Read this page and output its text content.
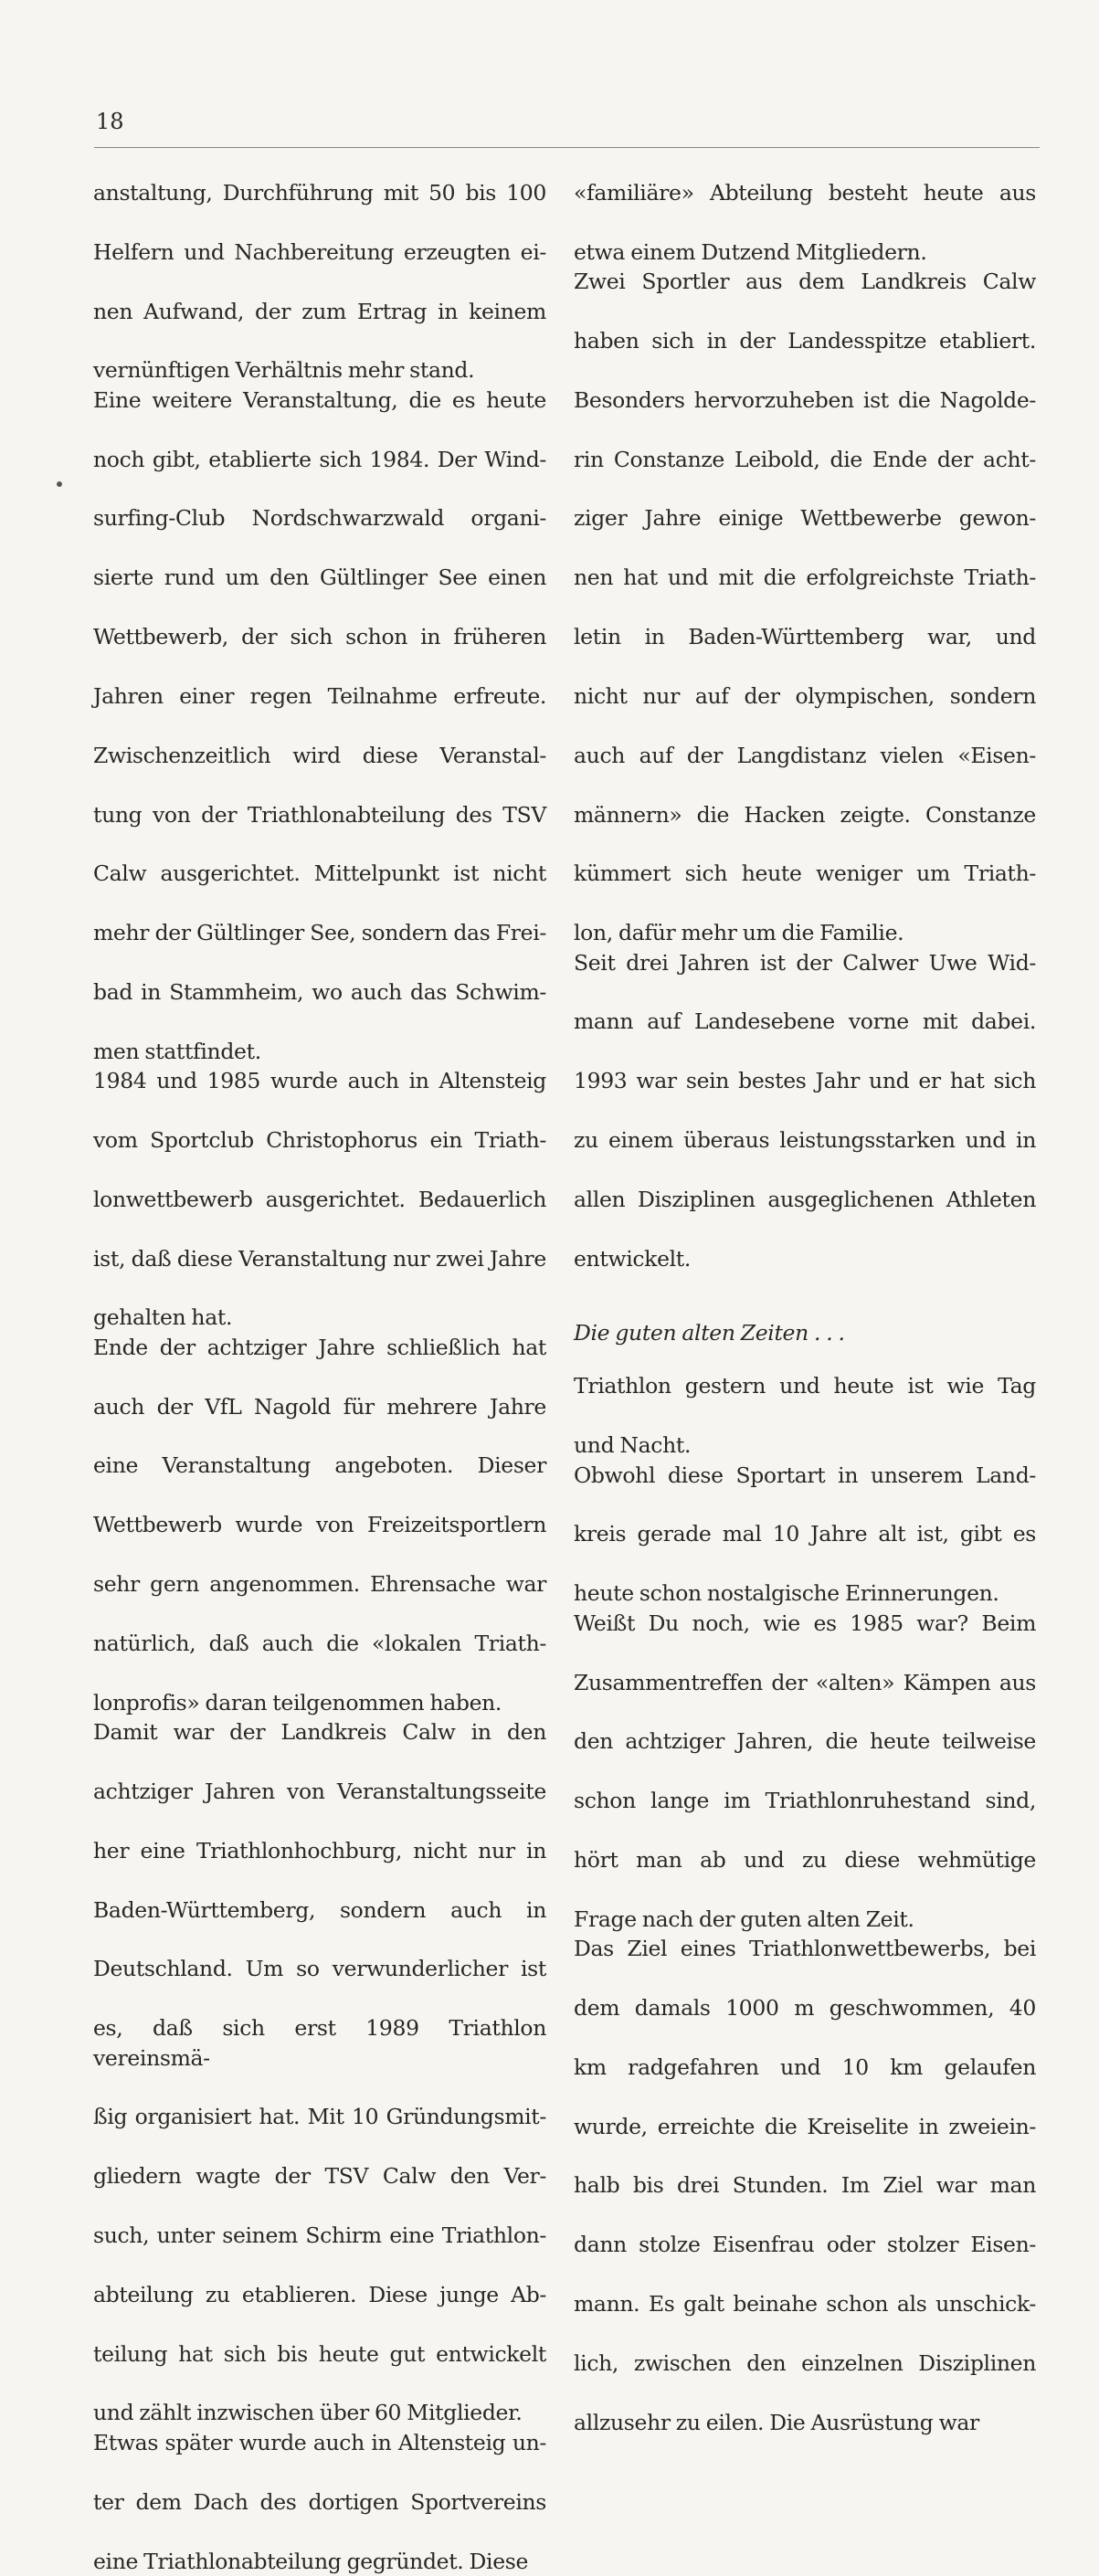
18

anstaltung, Durchführung mit 50 bis 100
Helfern und Nachbereitung erzeugten ei-
nen Aufwand, der zum Ertrag in keinem
vernünftigen Verhältnis mehr stand.

Eine weitere Veranstaltung, die es heute
noch gibt, etablierte sich 1984. Der Wind-
surfing-Club Nordschwarzwald organi-
sierte rund um den Gültlinger See einen
Wettbewerb, der sich schon in früheren
Jahren einer regen Teilnahme erfreute.
Zwischenzeitlich wird diese Veranstal-
tung von der Triathlonabteilung des TSV
Calw ausgerichtet. Mittelpunkt ist nicht
mehr der Gültlinger See, sondern das Frei-
bad in Stammheim, wo auch das Schwim-
men stattfindet.

1984 und 1985 wurde auch in Altensteig
vom Sportclub Christophorus ein Triath-
lonwettbewerb ausgerichtet. Bedauerlich
ist, daß diese Veranstaltung nur zwei Jahre
gehalten hat.

Ende der achtziger Jahre schließlich hat
auch der VfL Nagold für mehrere Jahre
eine Veranstaltung angeboten. Dieser
Wettbewerb wurde von Freizeitsportlern
sehr gern angenommen. Ehrensache war
natürlich, daß auch die «lokalen Triath-
lonprofis» daran teilgenommen haben.

Damit war der Landkreis Calw in den
achtziger Jahren von Veranstaltungsseite
her eine Triathlonhochburg, nicht nur in
Baden-Württemberg, sondern auch in
Deutschland. Um so verwunderlicher ist
es, daß sich erst 1989 Triathlon vereinsmä-
ßig organisiert hat. Mit 10 Gründungsmit-
gliedern wagte der TSV Calw den Ver-
such, unter seinem Schirm eine Triathlon-
abteilung zu etablieren. Diese junge Ab-
teilung hat sich bis heute gut entwickelt
und zählt inzwischen über 60 Mitglieder.

Etwas später wurde auch in Altensteig un-
ter dem Dach des dortigen Sportvereins
eine Triathlonabteilung gegründet. Diese

«familiäre» Abteilung besteht heute aus
etwa einem Dutzend Mitgliedern.

Zwei Sportler aus dem Landkreis Calw
haben sich in der Landesspitze etabliert.
Besonders hervorzuheben ist die Nagolde-
rin Constanze Leibold, die Ende der acht-
ziger Jahre einige Wettbewerbe gewon-
nen hat und mit die erfolgreichste Triath-
letin in Baden-Württemberg war, und
nicht nur auf der olympischen, sondern
auch auf der Langdistanz vielen «Eisen-
männern» die Hacken zeigte. Constanze
kümmert sich heute weniger um Triath-
lon, dafür mehr um die Familie.

Seit drei Jahren ist der Calwer Uwe Wid-
mann auf Landesebene vorne mit dabei.
1993 war sein bestes Jahr und er hat sich
zu einem überaus leistungsstarken und in
allen Disziplinen ausgeglichenen Athleten
entwickelt.

Die guten alten Zeiten . . .

Triathlon gestern und heute ist wie Tag
und Nacht.

Obwohl diese Sportart in unserem Land-
kreis gerade mal 10 Jahre alt ist, gibt es
heute schon nostalgische Erinnerungen.

Weißt Du noch, wie es 1985 war? Beim
Zusammentreffen der «alten» Kämpen aus
den achtziger Jahren, die heute teilweise
schon lange im Triathlonruhestand sind,
hört man ab und zu diese wehmütige
Frage nach der guten alten Zeit.

Das Ziel eines Triathlonwettbewerbs, bei
dem damals 1000 m geschwommen, 40
km radgefahren und 10 km gelaufen
wurde, erreichte die Kreiselite in zweiein-
halb bis drei Stunden. Im Ziel war man
dann stolze Eisenfrau oder stolzer Eisen-
mann. Es galt beinahe schon als unschick-
lich, zwischen den einzelnen Disziplinen
allzusehr zu eilen. Die Ausrüstung war
